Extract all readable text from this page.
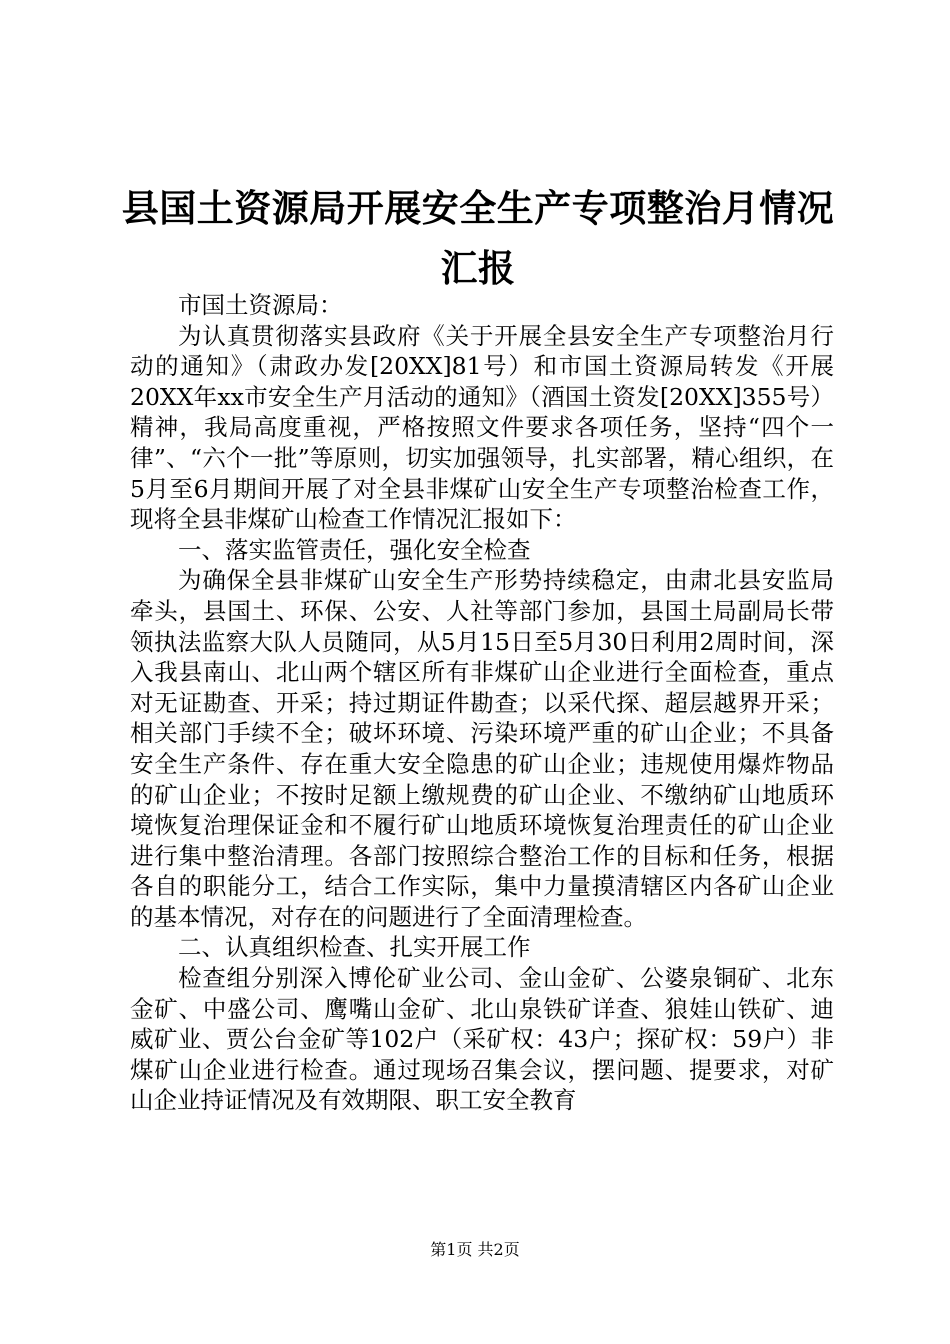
县国土资源局开展安全生产专项整治月情况汇报

市国土资源局：

为认真贯彻落实县政府《关于开展全县安全生产专项整治月行动的通知》（肃政办发[20XX]81号）和市国土资源局转发《开展20XX年xx市安全生产月活动的通知》（酒国土资发[20XX]355号）精神，我局高度重视，严格按照文件要求各项任务，坚持“四个一律”、“六个一批”等原则，切实加强领导，扎实部署，精心组织，在5月至6月期间开展了对全县非煤矿山安全生产专项整治检查工作，现将全县非煤矿山检查工作情况汇报如下：

一、落实监管责任，强化安全检查

为确保全县非煤矿山安全生产形势持续稳定，由肃北县安监局牵头，县国土、环保、公安、人社等部门参加，县国土局副局长带领执法监察大队人员随同，从5月15日至5月30日利用2周时间，深入我县南山、北山两个辖区所有非煤矿山企业进行全面检查，重点对无证勘查、开采；持过期证件勘查；以采代探、超层越界开采；相关部门手续不全；破坏环境、污染环境严重的矿山企业；不具备安全生产条件、存在重大安全隐患的矿山企业；违规使用爆炸物品的矿山企业；不按时足额上缴规费的矿山企业、不缴纳矿山地质环境恢复治理保证金和不履行矿山地质环境恢复治理责任的矿山企业进行集中整治清理。各部门按照综合整治工作的目标和任务，根据各自的职能分工，结合工作实际，集中力量摸清辖区内各矿山企业的基本情况，对存在的问题进行了全面清理检查。

二、认真组织检查、扎实开展工作

检查组分别深入博伦矿业公司、金山金矿、公婆泉铜矿、北东金矿、中盛公司、鹰嘴山金矿、北山泉铁矿详查、狼娃山铁矿、迪威矿业、贾公台金矿等102户（采矿权：43户；探矿权：59户）非煤矿山企业进行检查。通过现场召集会议，摆问题、提要求，对矿山企业持证情况及有效期限、职工安全教育

第1页 共2页
